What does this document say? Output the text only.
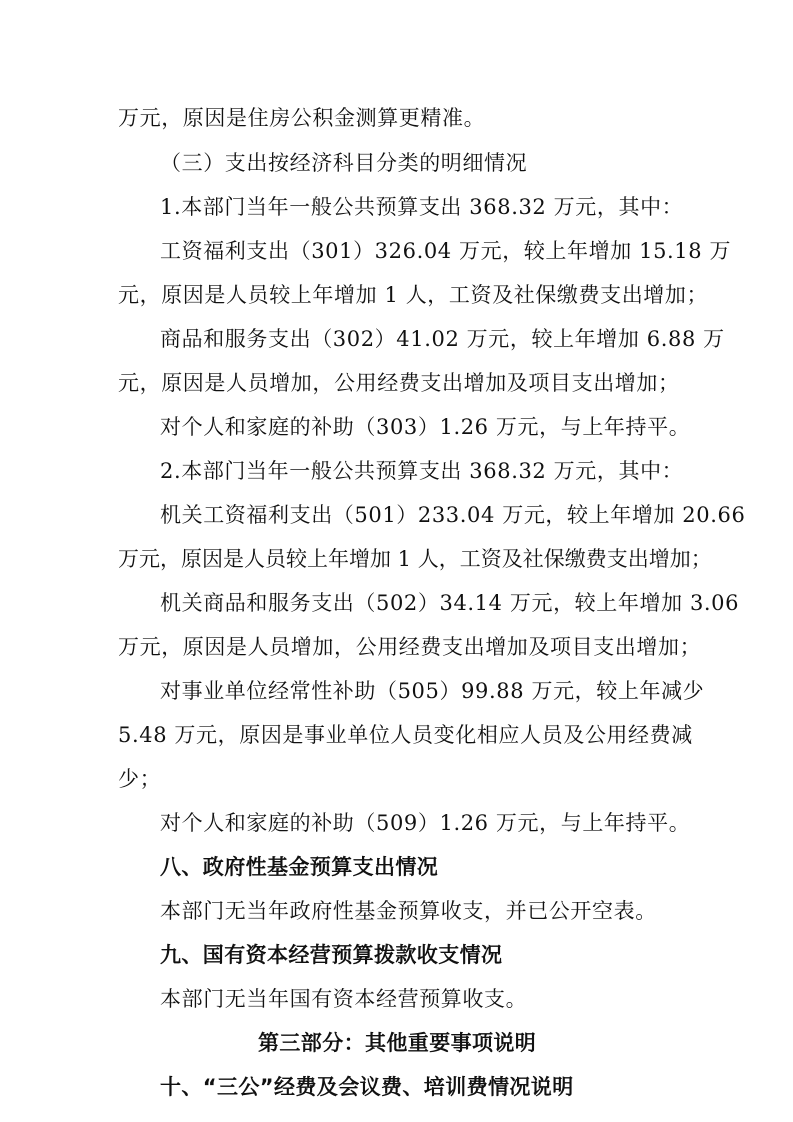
万元，原因是住房公积金测算更精准。
（三）支出按经济科目分类的明细情况
1.本部门当年一般公共预算支出 368.32 万元，其中：
工资福利支出（301）326.04 万元，较上年增加 15.18 万
元，原因是人员较上年增加 1 人，工资及社保缴费支出增加；
商品和服务支出（302）41.02 万元，较上年增加 6.88 万
元，原因是人员增加，公用经费支出增加及项目支出增加；
对个人和家庭的补助（303）1.26 万元，与上年持平。
2.本部门当年一般公共预算支出 368.32 万元，其中：
机关工资福利支出（501）233.04 万元，较上年增加 20.66
万元，原因是人员较上年增加 1 人，工资及社保缴费支出增加；
机关商品和服务支出（502）34.14 万元，较上年增加 3.06
万元，原因是人员增加，公用经费支出增加及项目支出增加；
对事业单位经常性补助（505）99.88 万元，较上年减少
5.48 万元，原因是事业单位人员变化相应人员及公用经费减
少；
对个人和家庭的补助（509）1.26 万元，与上年持平。
八、政府性基金预算支出情况
本部门无当年政府性基金预算收支，并已公开空表。
九、国有资本经营预算拨款收支情况
本部门无当年国有资本经营预算收支。
第三部分：其他重要事项说明
十、“三公”经费及会议费、培训费情况说明
